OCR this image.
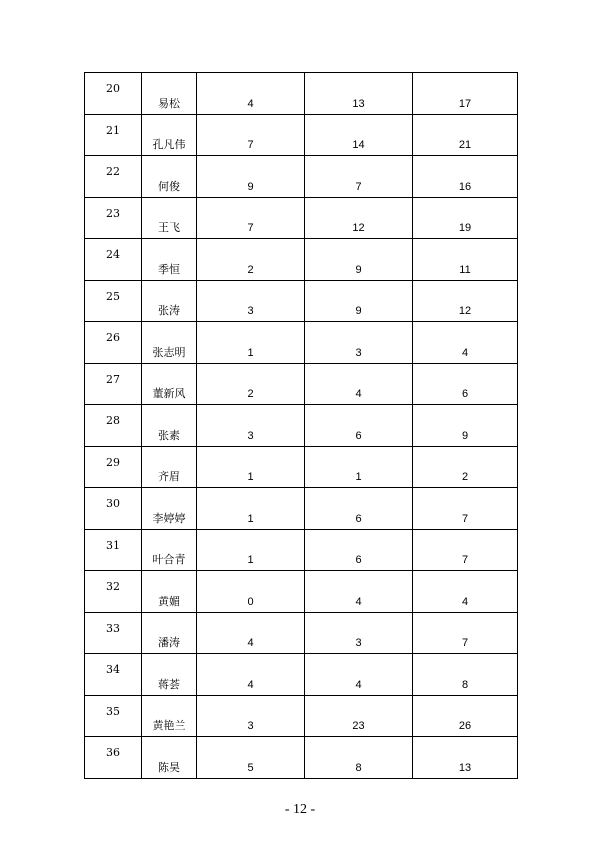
20	易松	4	13	17
21	孔凡伟	7	14	21
22	何俊	9	7	16
23	王飞	7	12	19
24	季恒	2	9	11
25	张涛	3	9	12
26	张志明	1	3	4
27	董新风	2	4	6
28	张素	3	6	9
29	齐眉	1	1	2
30	李婷婷	1	6	7
31	叶合青	1	6	7
32	黄媚	0	4	4
33	潘涛	4	3	7
34	蒋荟	4	4	8
35	黄艳兰	3	23	26
36	陈昊	5	8	13
- 12 -
